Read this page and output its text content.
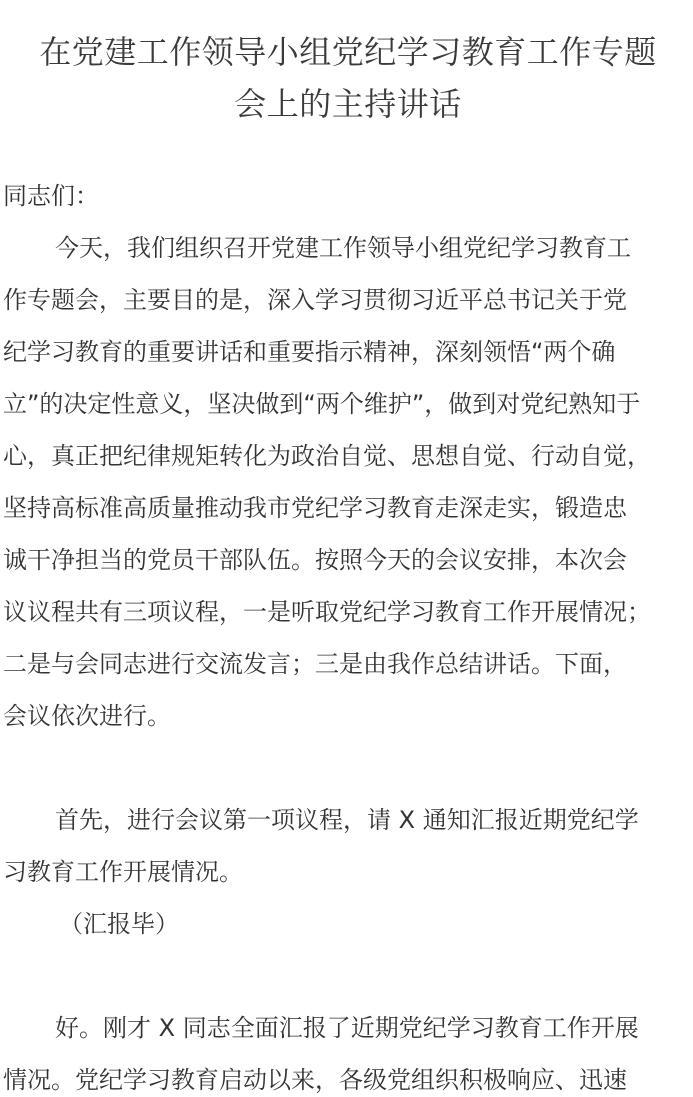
在党建工作领导小组党纪学习教育工作专题
会上的主持讲话
同志们：
今天，我们组织召开党建工作领导小组党纪学习教育工
作专题会，主要目的是，深入学习贯彻习近平总书记关于党
纪学习教育的重要讲话和重要指示精神，深刻领悟“两个确
立”的决定性意义，坚决做到“两个维护”，做到对党纪熟知于
心，真正把纪律规矩转化为政治自觉、思想自觉、行动自觉，
坚持高标准高质量推动我市党纪学习教育走深走实，锻造忠
诚干净担当的党员干部队伍。按照今天的会议安排，本次会
议议程共有三项议程，一是听取党纪学习教育工作开展情况；
二是与会同志进行交流发言；三是由我作总结讲话。下面，
会议依次进行。
首先，进行会议第一项议程，请 X 通知汇报近期党纪学
习教育工作开展情况。
（汇报毕）
好。刚才 X 同志全面汇报了近期党纪学习教育工作开展
情况。党纪学习教育启动以来，各级党组织积极响应、迅速
